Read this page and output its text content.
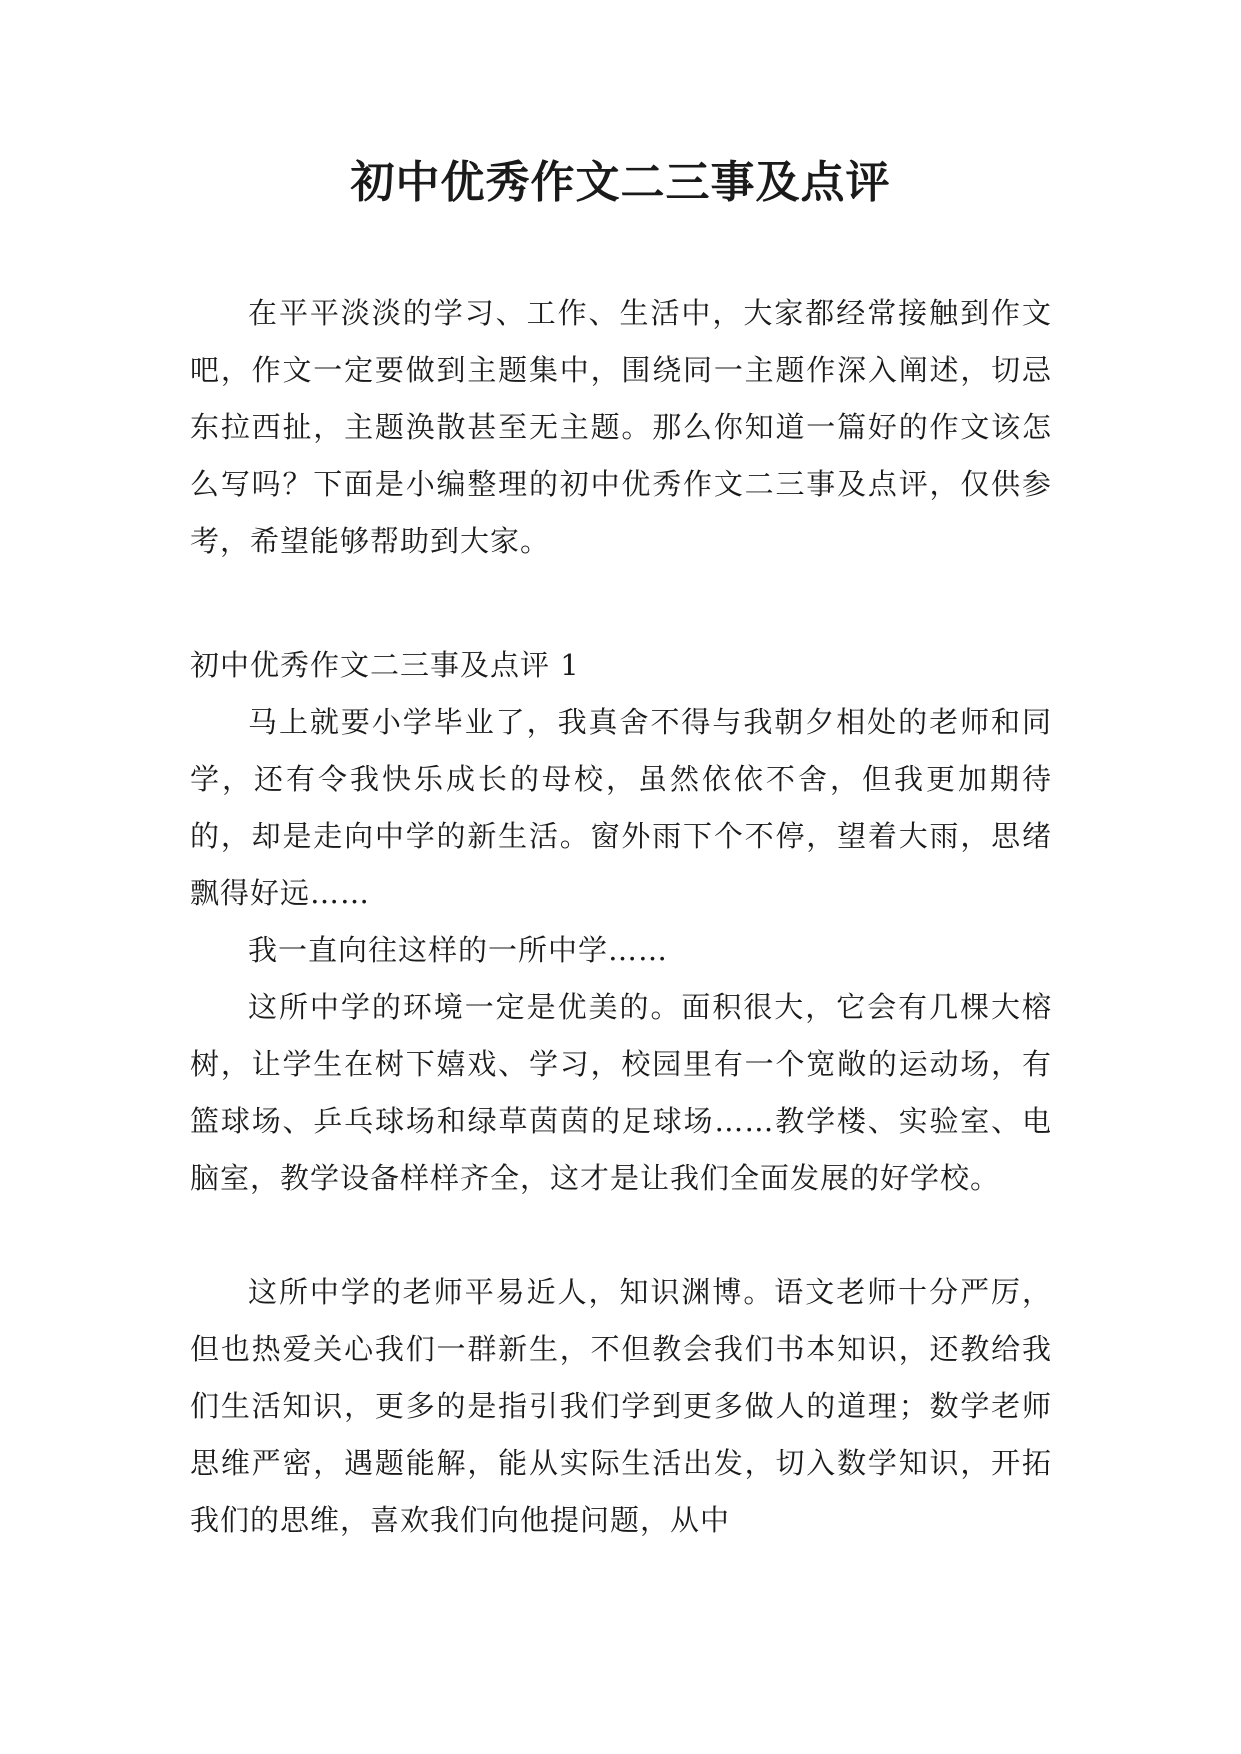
初中优秀作文二三事及点评

在平平淡淡的学习、工作、生活中，大家都经常接触到作文吧，作文一定要做到主题集中，围绕同一主题作深入阐述，切忌东拉西扯，主题涣散甚至无主题。那么你知道一篇好的作文该怎么写吗？下面是小编整理的初中优秀作文二三事及点评，仅供参考，希望能够帮助到大家。

初中优秀作文二三事及点评 1

马上就要小学毕业了，我真舍不得与我朝夕相处的老师和同学，还有令我快乐成长的母校，虽然依依不舍，但我更加期待的，却是走向中学的新生活。窗外雨下个不停，望着大雨，思绪飘得好远……

我一直向往这样的一所中学……

这所中学的环境一定是优美的。面积很大，它会有几棵大榕树，让学生在树下嬉戏、学习，校园里有一个宽敞的运动场，有篮球场、乒乓球场和绿草茵茵的足球场……教学楼、实验室、电脑室，教学设备样样齐全，这才是让我们全面发展的好学校。

这所中学的老师平易近人，知识渊博。语文老师十分严厉，但也热爱关心我们一群新生，不但教会我们书本知识，还教给我们生活知识，更多的是指引我们学到更多做人的道理；数学老师思维严密，遇题能解，能从实际生活出发，切入数学知识，开拓我们的思维，喜欢我们向他提问题，从中
